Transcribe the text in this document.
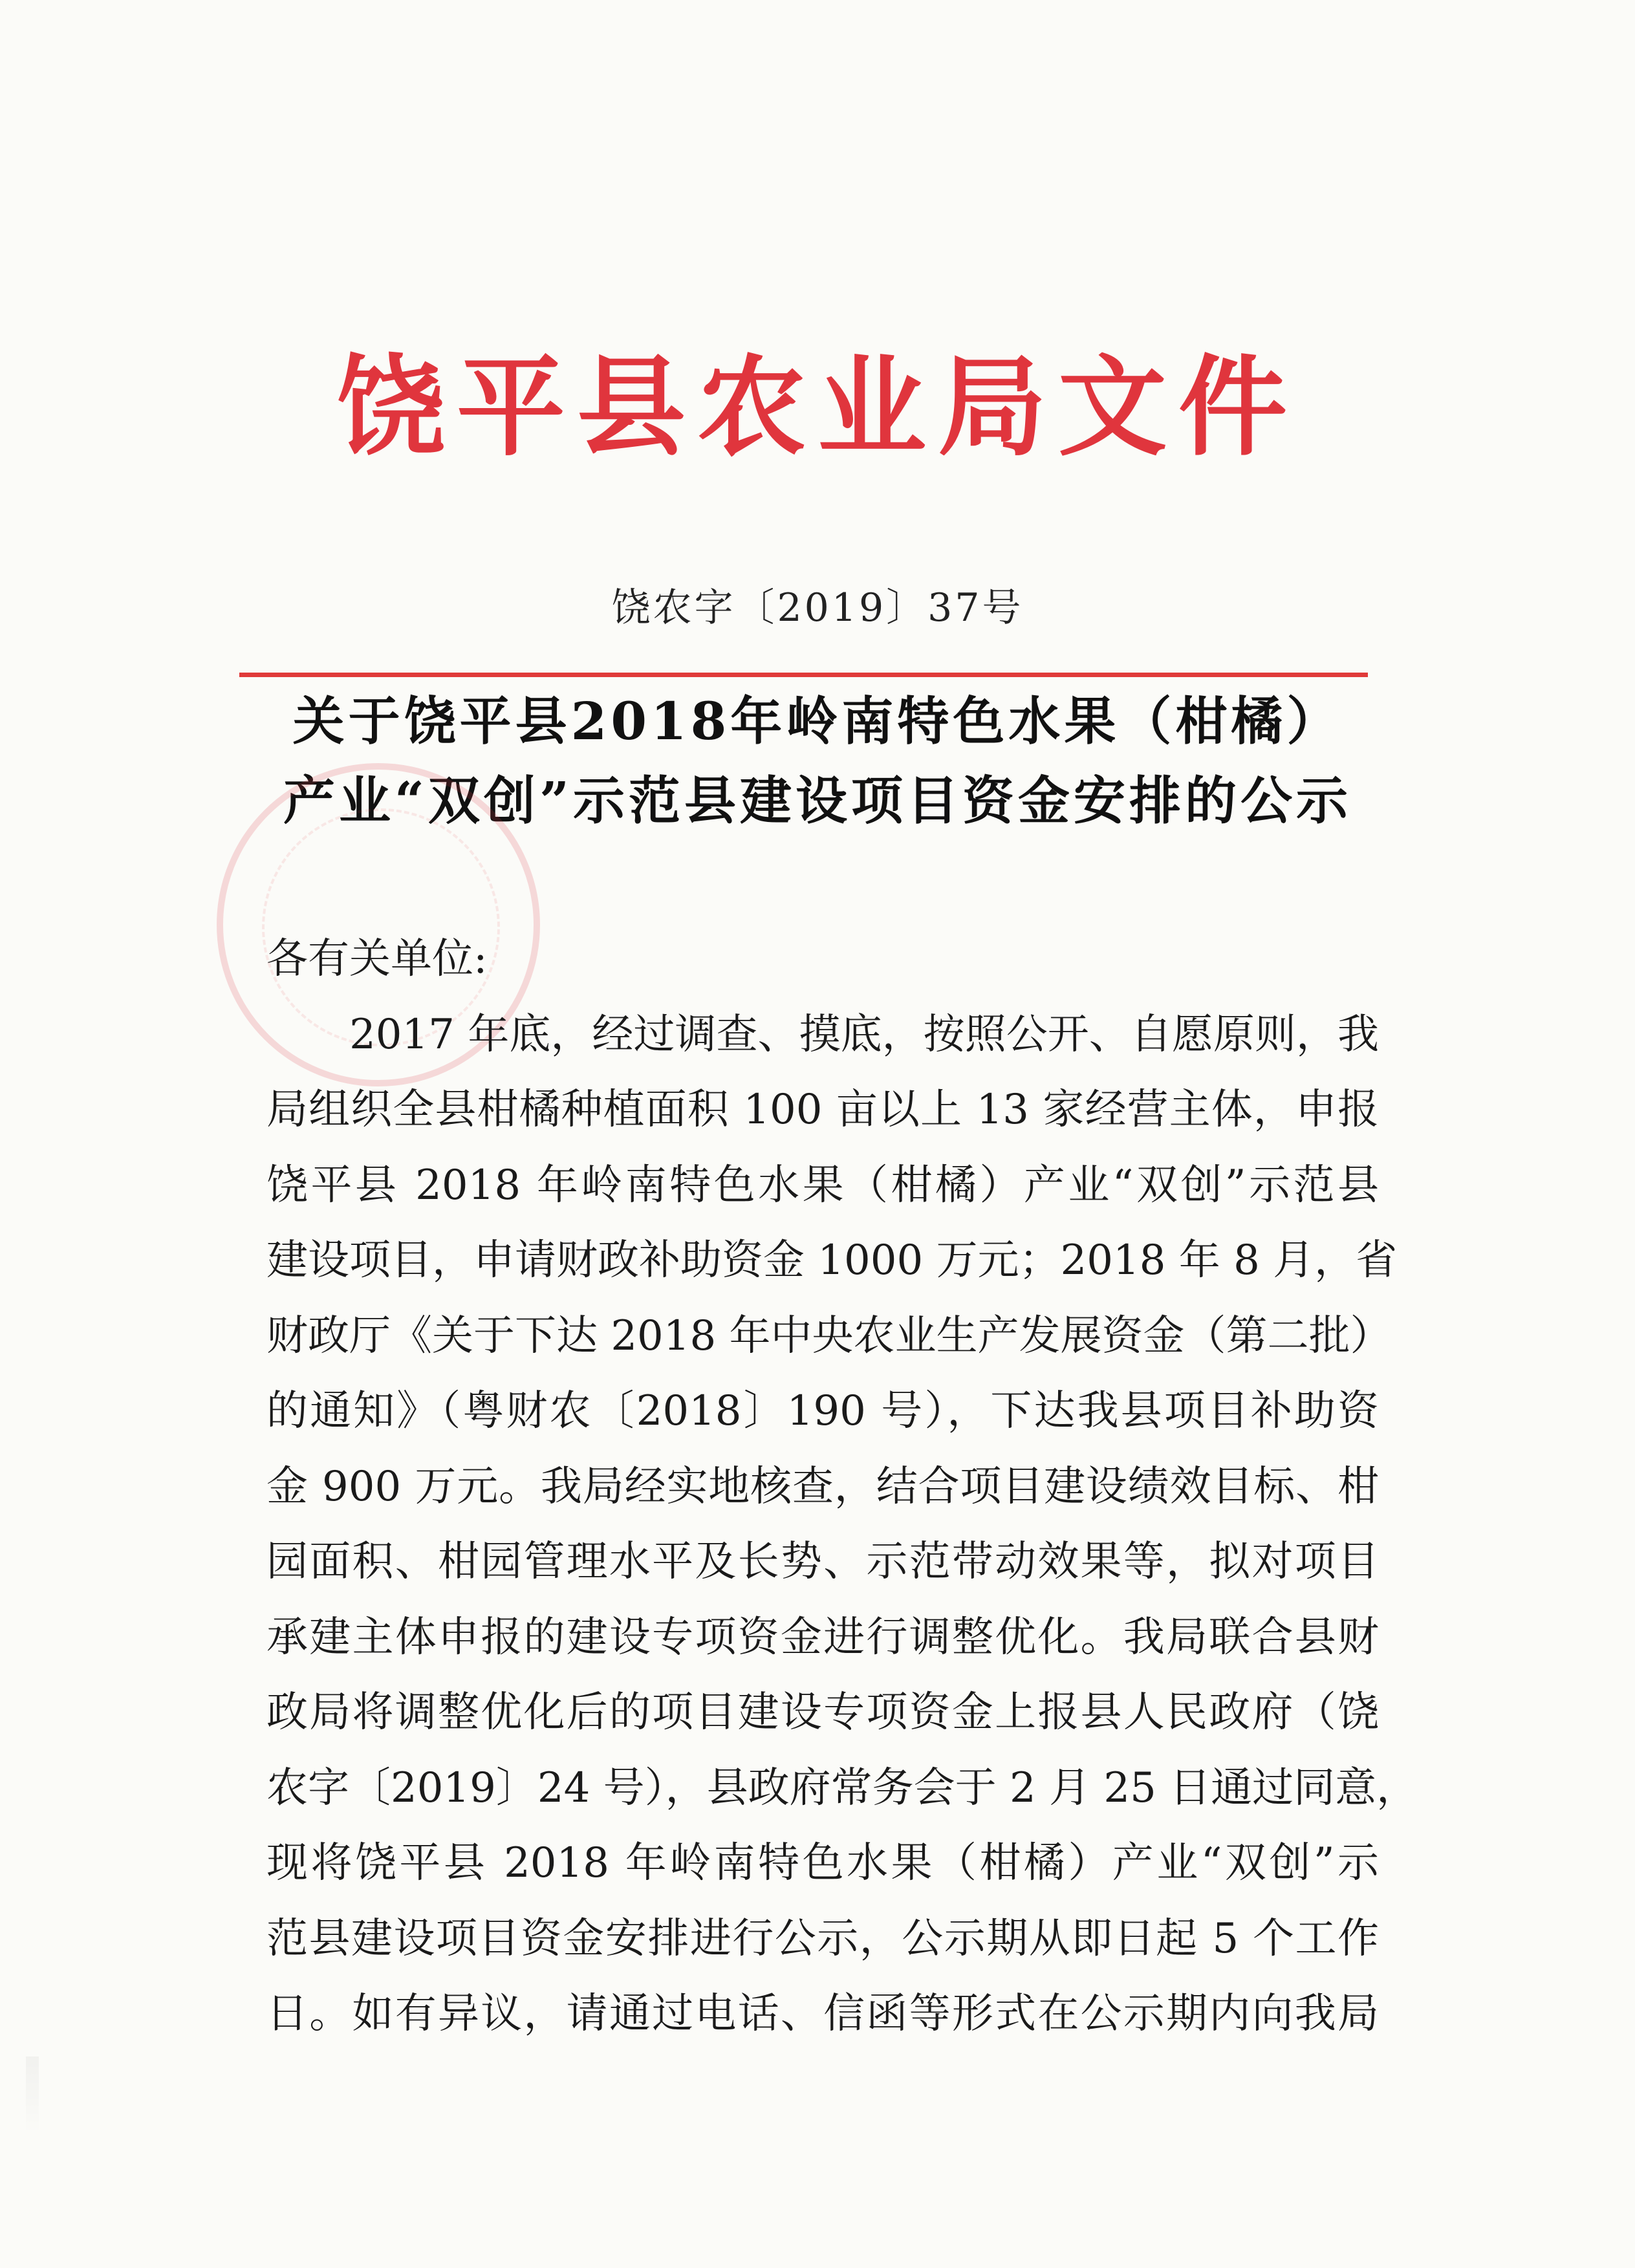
饶平县农业局文件
饶农字〔2019〕37号
关于饶平县2018年岭南特色水果（柑橘）
产业“双创”示范县建设项目资金安排的公示
各有关单位:
　　2017 年底，经过调查、摸底，按照公开、自愿原则，我
局组织全县柑橘种植面积 100 亩以上 13 家经营主体，申报
饶平县 2018 年岭南特色水果（柑橘）产业“双创”示范县
建设项目，申请财政补助资金 1000 万元；2018 年 8 月，省
财政厅《关于下达 2018 年中央农业生产发展资金（第二批）
的通知》（粤财农〔2018〕190 号），下达我县项目补助资
金 900 万元。我局经实地核查，结合项目建设绩效目标、柑
园面积、柑园管理水平及长势、示范带动效果等，拟对项目
承建主体申报的建设专项资金进行调整优化。我局联合县财
政局将调整优化后的项目建设专项资金上报县人民政府（饶
农字〔2019〕24 号），县政府常务会于 2 月 25 日通过同意，
现将饶平县 2018 年岭南特色水果（柑橘）产业“双创”示
范县建设项目资金安排进行公示，公示期从即日起 5 个工作
日。如有异议，请通过电话、信函等形式在公示期内向我局
